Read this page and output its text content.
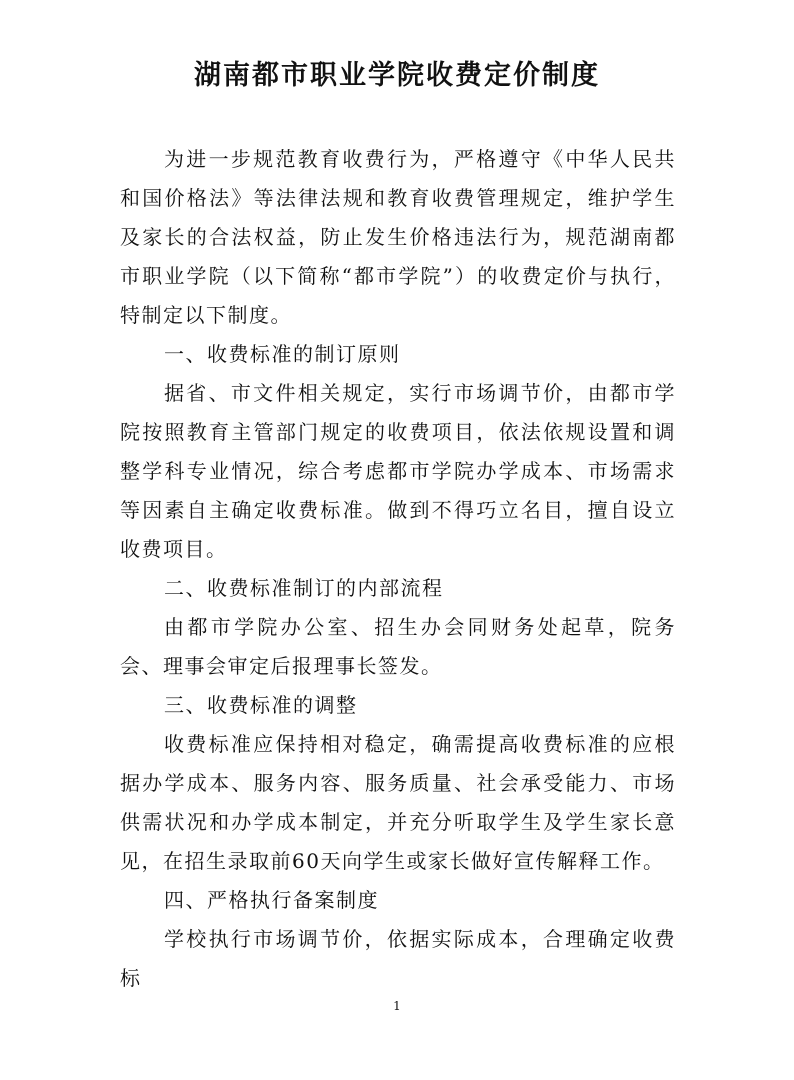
湖南都市职业学院收费定价制度

为进一步规范教育收费行为，严格遵守《中华人民共和国价格法》等法律法规和教育收费管理规定，维护学生及家长的合法权益，防止发生价格违法行为，规范湖南都市职业学院（以下简称“都市学院”）的收费定价与执行，特制定以下制度。

一、收费标准的制订原则

据省、市文件相关规定，实行市场调节价，由都市学院按照教育主管部门规定的收费项目，依法依规设置和调整学科专业情况，综合考虑都市学院办学成本、市场需求等因素自主确定收费标准。做到不得巧立名目，擅自设立收费项目。

二、收费标准制订的内部流程

由都市学院办公室、招生办会同财务处起草，院务会、理事会审定后报理事长签发。

三、收费标准的调整

收费标准应保持相对稳定，确需提高收费标准的应根据办学成本、服务内容、服务质量、社会承受能力、市场供需状况和办学成本制定，并充分听取学生及学生家长意见，在招生录取前60天向学生或家长做好宣传解释工作。

四、严格执行备案制度

学校执行市场调节价，依据实际成本，合理确定收费标

1
